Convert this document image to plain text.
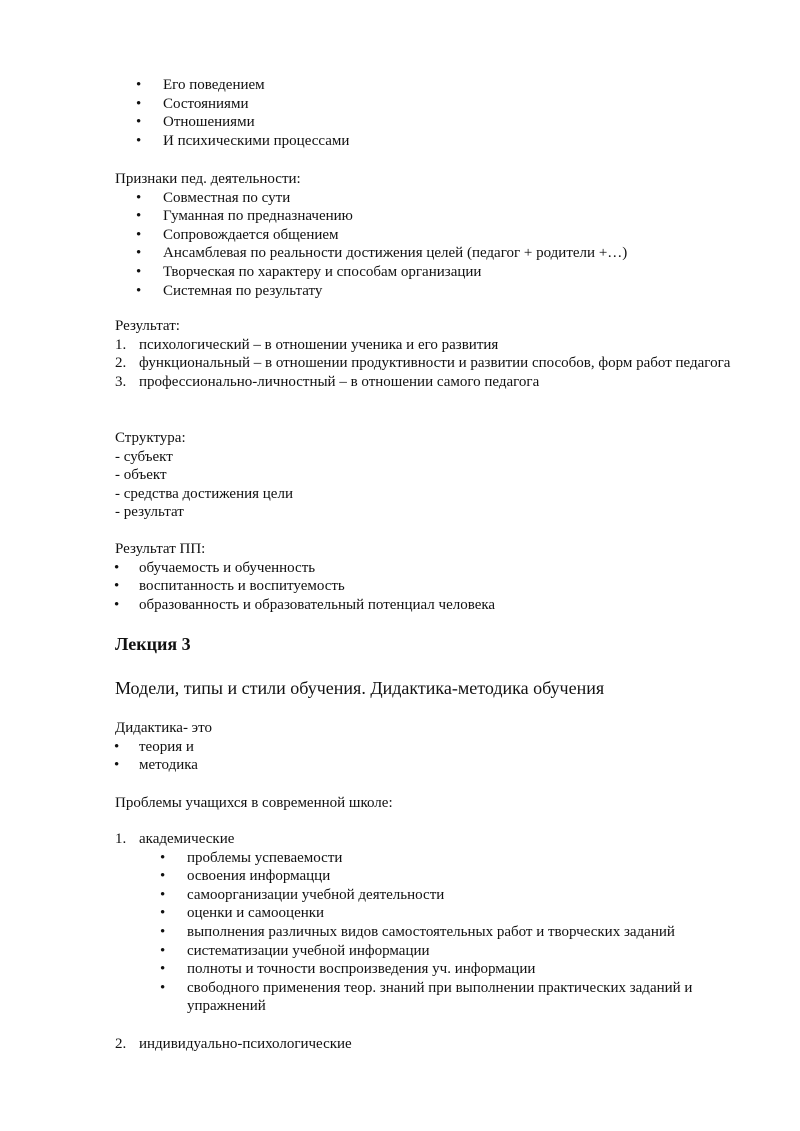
• Его поведением
• Состояниями
• Отношениями
• И психическими процессами

Признаки пед. деятельности:

• Совместная по сути
• Гуманная по предназначению
• Сопровождается общением
• Ансамблевая по реальности достижения целей (педагог + родители +…)
• Творческая по характеру и способам организации
• Системная по результату

Результат:

1. психологический – в отношении ученика и его развития
2. функциональный – в отношении продуктивности и развитии способов, форм работ педагога
3. профессионально-личностный – в отношении самого педагога

Структура:

- субъект

- объект

- средства достижения цели

- результат

Результат ПП:

• обучаемость и обученность
• воспитанность и воспитуемость
• образованность и образовательный потенциал человека
Лекция 3

Модели, типы и стили обучения. Дидактика-методика обучения

Дидактика- это

• теория и
• методика

Проблемы учащихся в современной школе:

1. академические
• проблемы успеваемости
• освоения информацци
• самоорганизации учебной деятельности
• оценки и самооценки
• выполнения различных видов самостоятельных работ и творческих заданий
• систематизации учебной информации
• полноты и точности воспроизведения уч. информации
• свободного применения теор. знаний при выполнении практических заданий и упражнений
2. индивидуально-психологические
